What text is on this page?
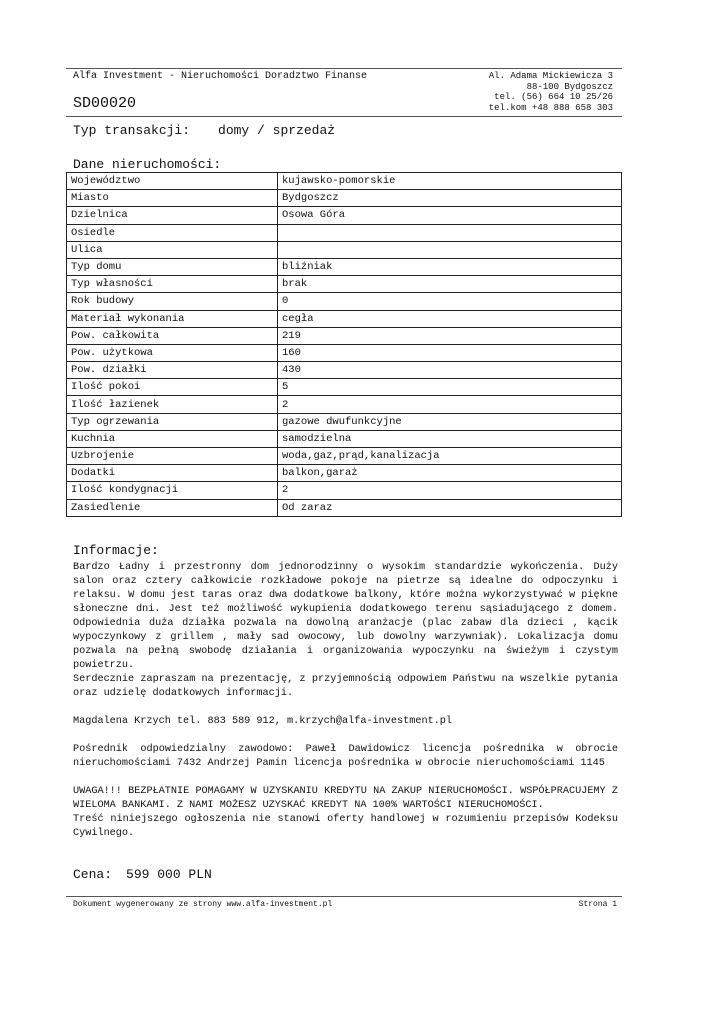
Alfa Investment - Nieruchomości Doradztwo Finanse
SD00020
Al. Adama Mickiewicza 3
88-100 Bydgoszcz
tel. (56) 664 10 25/26
tel.kom +48 888 658 303
Typ transakcji: domy / sprzedaż
Dane nieruchomości:
Województwo	kujawsko-pomorskie
Miasto	Bydgoszcz
Dzielnica	Osowa Góra
Osiedle	
Ulica	
Typ domu	bliźniak
Typ własności	brak
Rok budowy	0
Materiał wykonania	cegła
Pow. całkowita	219
Pow. użytkowa	160
Pow. działki	430
Ilość pokoi	5
Ilość łazienek	2
Typ ogrzewania	gazowe dwufunkcyjne
Kuchnia	samodzielna
Uzbrojenie	woda,gaz,prąd,kanalizacja
Dodatki	balkon,garaż
Ilość kondygnacji	2
Zasiedlenie	Od zaraz
Informacje:

Bardzo Ładny i przestronny dom jednorodzinny o wysokim standardzie wykończenia. Duży salon oraz cztery całkowicie rozkładowe pokoje na pietrze są idealne do odpoczynku i relaksu. W domu jest taras oraz dwa dodatkowe balkony, które można wykorzystywać w piękne słoneczne dni. Jest też możliwość wykupienia dodatkowego terenu sąsiadującego z domem. Odpowiednia duża działka pozwala na dowolną aranżacje (plac zabaw dla dzieci , kącik wypoczynkowy z grillem , mały sad owocowy, lub dowolny warzywniak). Lokalizacja domu pozwala na pełną swobodę działania i organizowania wypoczynku na świeżym i czystym powietrzu.

Serdecznie zapraszam na prezentację, z przyjemnością odpowiem Państwu na wszelkie pytania oraz udzielę dodatkowych informacji.

Magdalena Krzych tel. 883 589 912, m.krzych@alfa-investment.pl

Pośrednik odpowiedzialny zawodowo: Paweł Dawidowicz licencja pośrednika w obrocie nieruchomościami 7432 Andrzej Pamin licencja pośrednika w obrocie nieruchomościami 1145

UWAGA!!! BEZPŁATNIE POMAGAMY W UZYSKANIU KREDYTU NA ZAKUP NIERUCHOMOŚCI. WSPÓŁPRACUJEMY Z WIELOMA BANKAMI. Z NAMI MOŻESZ UZYSKAĆ KREDYT NA 100% WARTOŚCI NIERUCHOMOŚCI.

Treść niniejszego ogłoszenia nie stanowi oferty handlowej w rozumieniu przepisów Kodeksu Cywilnego.

Cena: 599 000 PLN
Dokument wygenerowany ze strony www.alfa-investment.pl	Strona 1
